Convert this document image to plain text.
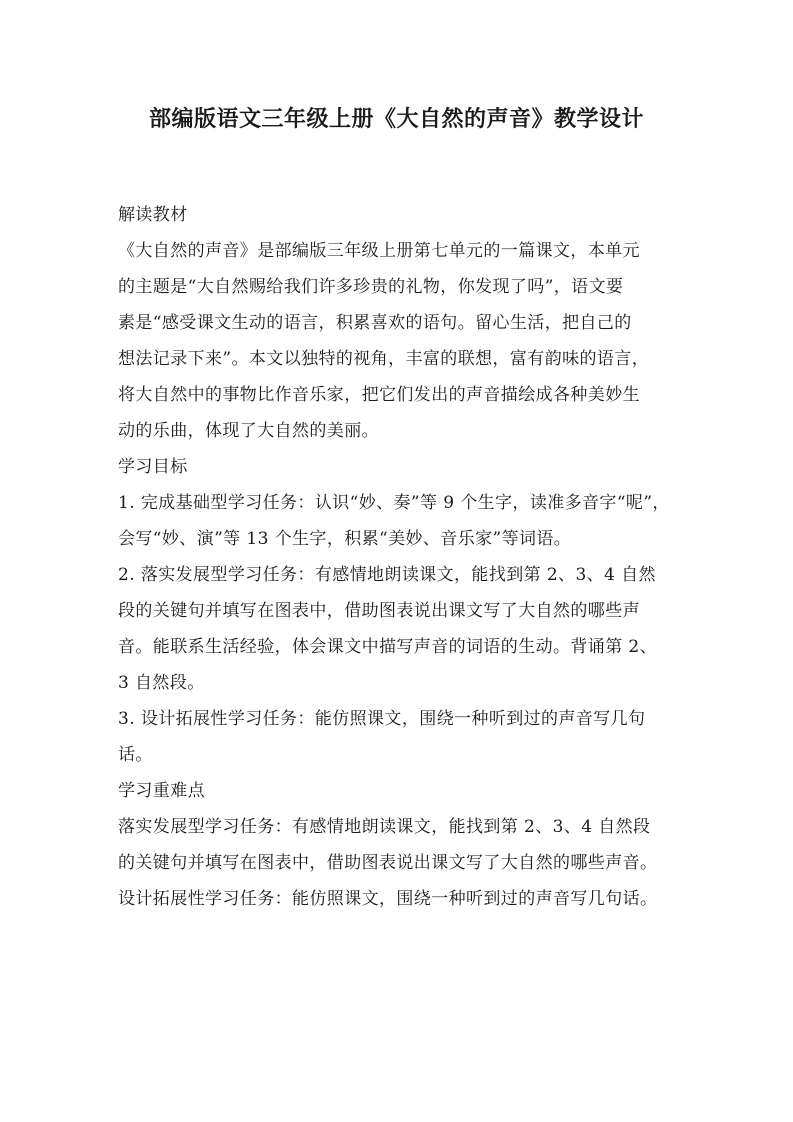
部编版语文三年级上册《大自然的声音》教学设计
解读教材
《大自然的声音》是部编版三年级上册第七单元的一篇课文，本单元
的主题是“大自然赐给我们许多珍贵的礼物，你发现了吗”，语文要
素是“感受课文生动的语言，积累喜欢的语句。留心生活，把自己的
想法记录下来”。本文以独特的视角，丰富的联想，富有韵味的语言，
将大自然中的事物比作音乐家，把它们发出的声音描绘成各种美妙生
动的乐曲，体现了大自然的美丽。
学习目标
1. 完成基础型学习任务：认识“妙、奏”等 9 个生字，读准多音字“呢”，
会写“妙、演”等 13 个生字，积累“美妙、音乐家”等词语。
2. 落实发展型学习任务：有感情地朗读课文，能找到第 2、3、4 自然
段的关键句并填写在图表中，借助图表说出课文写了大自然的哪些声
音。能联系生活经验，体会课文中描写声音的词语的生动。背诵第 2、
3 自然段。
3. 设计拓展性学习任务：能仿照课文，围绕一种听到过的声音写几句
话。
学习重难点
落实发展型学习任务：有感情地朗读课文，能找到第 2、3、4 自然段
的关键句并填写在图表中，借助图表说出课文写了大自然的哪些声音。
设计拓展性学习任务：能仿照课文，围绕一种听到过的声音写几句话。
